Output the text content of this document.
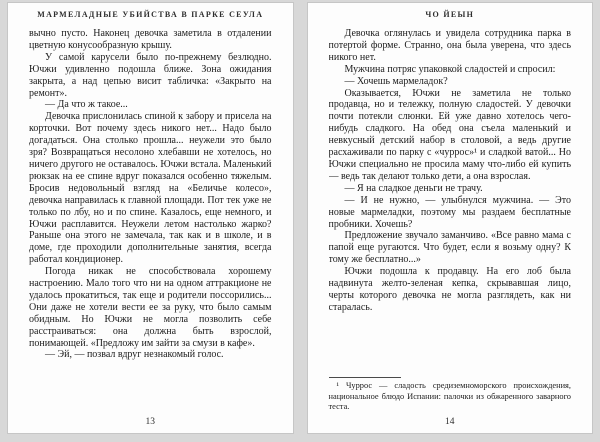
МАРМЕЛАДНЫЕ УБИЙСТВА В ПАРКЕ СЕУЛА

вычно пусто. Наконец девочка заметила в отдалении цветную конусообразную крышу.

У самой карусели было по-прежнему безлюдно. Ючжи удивленно подошла ближе. Зона ожидания закрыта, а над цепью висит табличка: «Закрыто на ремонт».

— Да что ж такое...

Девочка прислонилась спиной к забору и присела на корточки. Вот почему здесь никого нет... Надо было догадаться. Она столько прошла... неужели это было зря? Возвращаться несолоно хлебавши не хотелось, но ничего другого не оставалось. Ючжи встала. Маленький рюкзак на ее спине вдруг показался особенно тяжелым. Бросив недовольный взгляд на «Беличье колесо», девочка направилась к главной площади. Пот тек уже не только по лбу, но и по спине. Казалось, еще немного, и Ючжи расплавится. Неужели летом настолько жарко? Раньше она этого не замечала, так как и в школе, и в доме, где проходили дополнительные занятия, всегда работал кондиционер.

Погода никак не способствовала хорошему настроению. Мало того что ни на одном аттракционе не удалось прокатиться, так еще и родители поссорились... Они даже не хотели вести ее за руку, что было самым обидным. Но Ючжи не могла позволить себе расстраиваться: она должна быть взрослой, понимающей. «Предложу им зайти за смузи в кафе».

— Эй, — позвал вдруг незнакомый голос.

13
ЧО ЙЕЫН

Девочка оглянулась и увидела сотрудника парка в потертой форме. Странно, она была уверена, что здесь никого нет.

Мужчина потряс упаковкой сладостей и спросил:

— Хочешь мармеладок?

Оказывается, Ючжи не заметила не только продавца, но и тележку, полную сладостей. У девочки почти потекли слюнки. Ей уже давно хотелось чего-нибудь сладкого. На обед она съела маленький и невкусный детский набор в столовой, а ведь другие расхаживали по парку с «чуррос»¹ и сладкой ватой... Но Ючжи специально не просила маму что-либо ей купить — ведь так делают только дети, а она взрослая.

— Я на сладкое деньги не трачу.

— И не нужно, — улыбнулся мужчина. — Это новые мармеладки, поэтому мы раздаем бесплатные пробники. Хочешь?

Предложение звучало заманчиво. «Все равно мама с папой еще ругаются. Что будет, если я возьму одну? К тому же бесплатно...»

Ючжи подошла к продавцу. На его лоб была надвинута желто-зеленая кепка, скрывавшая лицо, черты которого девочка не могла разглядеть, как ни старалась.

¹ Чуррос — сладость средиземноморского происхождения, национальное блюдо Испании: палочки из обжаренного заварного теста.

14
